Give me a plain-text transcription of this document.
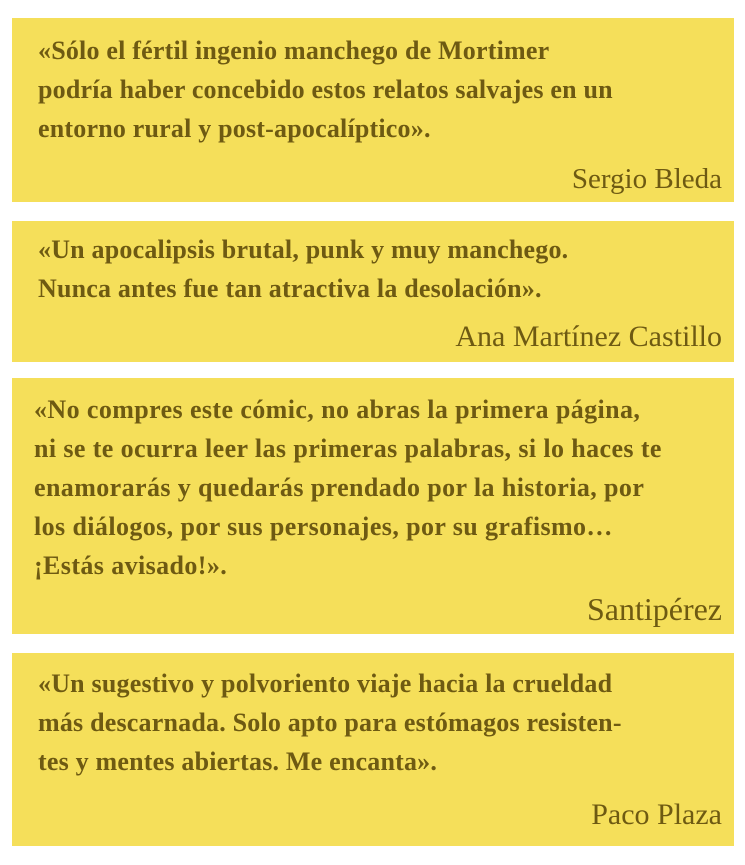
«Sólo el fértil ingenio manchego de Mortimer
podría haber concebido estos relatos salvajes en un
entorno rural y post-apocalíptico».

Sergio Bleda

«Un apocalipsis brutal, punk y muy manchego.
Nunca antes fue tan atractiva la desolación».

Ana Martínez Castillo

«No compres este cómic, no abras la primera página,
ni se te ocurra leer las primeras palabras, si lo haces te
enamorarás y quedarás prendado por la historia, por
los diálogos, por sus personajes, por su grafismo…
¡Estás avisado!».

Santipérez

«Un sugestivo y polvoriento viaje hacia la crueldad
más descarnada. Solo apto para estómagos resisten-
tes y mentes abiertas. Me encanta».

Paco Plaza
